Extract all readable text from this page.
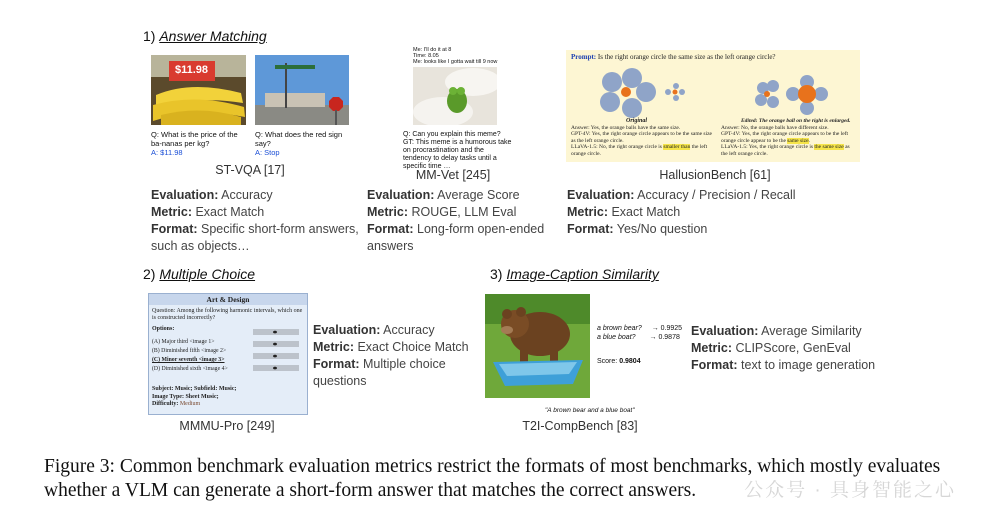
1) Answer Matching
$11.98
Q: What is the price of the ba-nanas per kg?
A: $11.98
Q: What does the red sign say?
A: Stop
ST-VQA [17]
Evaluation: Accuracy
Metric: Exact Match
Format: Specific short-form answers, such as objects…
Me: I'll do it at 8
Time: 8.05
Me: looks like I gotta wait till 9 now
Q: Can you explain this meme?
GT: This meme is a humorous take on procrastination and the tendency to delay tasks until a specific time …
MM-Vet [245]
Evaluation: Average Score
Metric: ROUGE, LLM Eval
Format: Long-form open-ended answers
Prompt: Is the right orange circle the same size as the left orange circle?
Original	Edited: The orange ball on the right is enlarged.
Answer: Yes, the orange balls have the same size.
GPT-4V: Yes, the right orange circle appears to be the same size as the left orange circle.
LLaVA-1.5: No, the right orange circle is smaller than the left orange circle.
Answer: No, the orange balls have different size.
GPT-4V: Yes, the right orange circle appears to be the left orange circle appear to be the same size.
LLaVA-1.5: Yes, the right orange circle is the same size as the left orange circle.
HallusionBench [61]
Evaluation: Accuracy / Precision / Recall
Metric: Exact Match
Format: Yes/No question
2) Multiple Choice
Art & Design
Question: Among the following harmonic intervals, which one is constructed incorrectly?
Options:
(A) Major third <image 1>
(B) Diminished fifth <image 2>
(C) Minor seventh <image 3>
(D) Diminished sixth <image 4>
Subject: Music; Subfield: Music;
Image Type: Sheet Music;
Difficulty: Medium
MMMU-Pro [249]
Evaluation: Accuracy
Metric: Exact Choice Match
Format: Multiple choice questions
3) Image-Caption Similarity
a brown bear? → 0.9925
a blue boat? → 0.9878
Score: 0.9804
"A brown bear and a blue boat"
T2I-CompBench [83]
Evaluation: Average Similarity
Metric: CLIPScore, GenEval
Format: text to image generation
Figure 3: Common benchmark evaluation metrics restrict the formats of most benchmarks, which mostly evaluates whether a VLM can generate a short-form answer that matches the correct answers.	公众号 · 具身智能之心
